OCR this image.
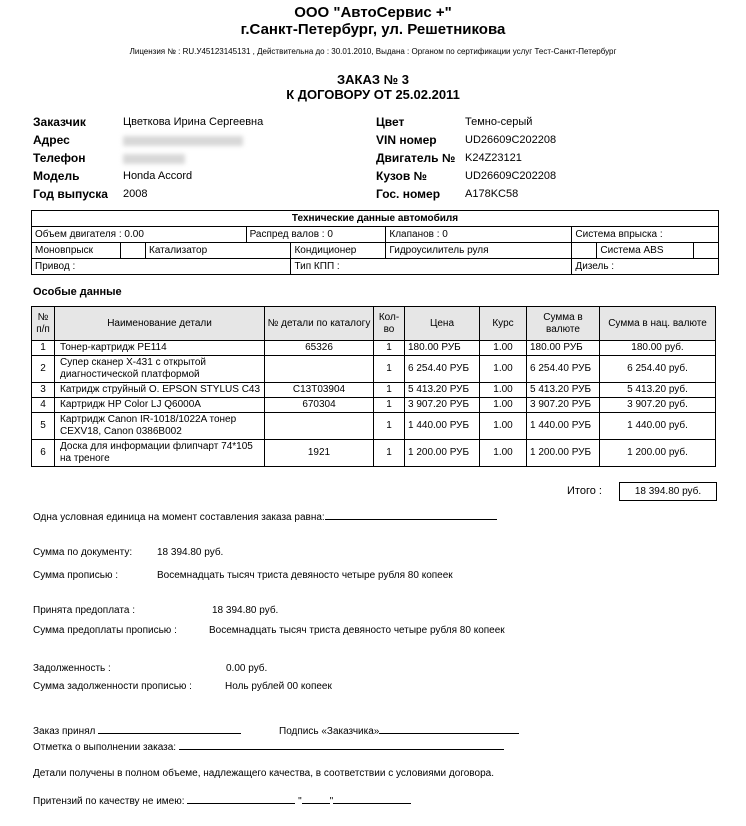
ООО "АвтоСервис +"
г.Санкт-Петербург, ул. Решетникова
Лицензия № : RU.У45123145131 , Действительна до : 30.01.2010, Выдана : Органом по сертификации услуг Тест-Санкт-Петербург
ЗАКАЗ № 3
К ДОГОВОРУ ОТ 25.02.2011
Заказчик	Цветкова Ирина Сергеевна
Адрес
Телефон
Модель	Honda Accord
Год выпуска 2008
Цвет	Темно-серый
VIN номер	UD26609C202208
Двигатель № K24Z23121
Кузов №	UD26609C202208
Гос. номер A178KC58
Технические данные автомобиля								
Объем двигателя : 0.00			Распред валов : 0		Клапанов : 0	Система впрыска :		
Моновпрыск		Катализатор		Кондиционер	Гидроусилитель руля		Система ABS	
Привод :				Тип КПП :		Дизель :		
Особые данные
№ п/п	Наименование детали	№ детали по каталогу	Кол-во	Цена	Курс	Сумма в валюте	Сумма в нац. валюте
1	Тонер-картридж PE114	65326	1	180.00 РУБ	1.00	180.00 РУБ	180.00 руб.
2	Супер сканер Х-431 с открытой диагностической платформой		1	6 254.40 РУБ	1.00	6 254.40 РУБ	6 254.40 руб.
3	Катридж струйный O. EPSON STYLUS C43	C13T03904	1	5 413.20 РУБ	1.00	5 413.20 РУБ	5 413.20 руб.
4	Картридж HP Color LJ Q6000A	670304	1	3 907.20 РУБ	1.00	3 907.20 РУБ	3 907.20 руб.
5	Картридж Canon IR-1018/1022A тонер CEXV18, Canon 0386B002		1	1 440.00 РУБ	1.00	1 440.00 РУБ	1 440.00 руб.
6	Доска для информации флипчарт 74*105 на треноге	1921	1	1 200.00 РУБ	1.00	1 200.00 РУБ	1 200.00 руб.
Итого :	18 394.80 руб.
Одна условная единица на момент составления заказа равна:
Сумма по документу: 18 394.80 руб.
Сумма прописью :	Восемнадцать тысяч триста девяносто четыре рубля 80 копеек
Принята предоплата :	18 394.80 руб.
Сумма предоплаты прописью :	Восемнадцать тысяч триста девяносто четыре рубля 80 копеек
Задолженность :	0.00 руб.
Сумма задолженности прописью :	Ноль рублей 00 копеек
Заказ принял	Подпись «Заказчика»
Отметка о выполнении заказа:
Детали получены в полном объеме, надлежащего качества, в соответствии с условиями договора.
Притензий по качеству не имею:	"	"
